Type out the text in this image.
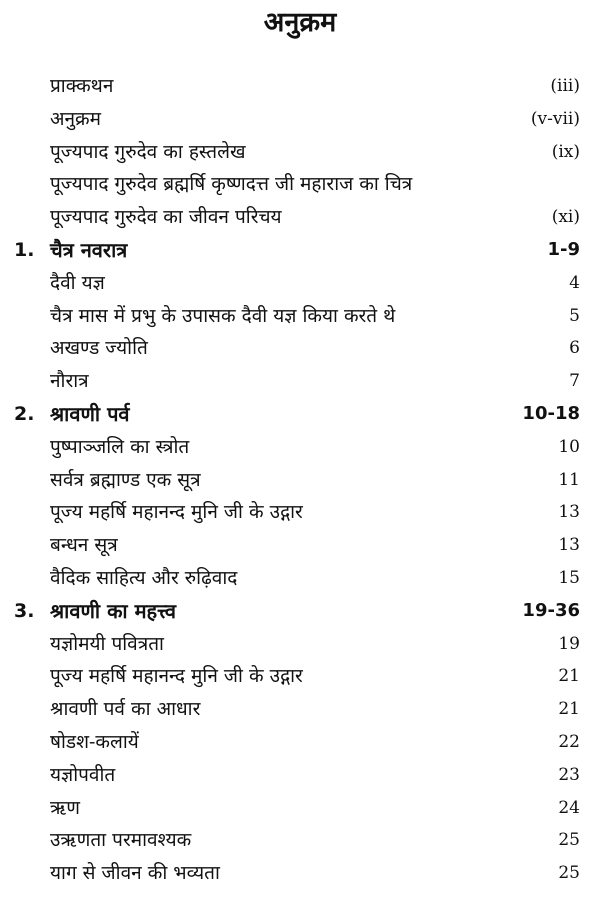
अनुक्रम
प्राक्कथन	(iii)
अनुक्रम	(v-vii)
पूज्यपाद गुरुदेव का हस्तलेख	(ix)
पूज्यपाद गुरुदेव ब्रह्मर्षि कृष्णदत्त जी महाराज का चित्र
पूज्यपाद गुरुदेव का जीवन परिचय	(xi)
1. चैत्र नवरात्र	1-9
दैवी यज्ञ	4
चैत्र मास में प्रभु के उपासक दैवी यज्ञ किया करते थे	5
अखण्ड ज्योति	6
नौरात्र	7
2. श्रावणी पर्व	10-18
पुष्पाञ्जलि का स्त्रोत	10
सर्वत्र ब्रह्माण्ड एक सूत्र	11
पूज्य महर्षि महानन्द मुनि जी के उद्गार	13
बन्धन सूत्र	13
वैदिक साहित्य और रुढ़िवाद	15
3. श्रावणी का महत्त्व	19-36
यज्ञोमयी पवित्रता	19
पूज्य महर्षि महानन्द मुनि जी के उद्गार	21
श्रावणी पर्व का आधार	21
षोडश-कलायें	22
यज्ञोपवीत	23
ऋण	24
उऋणता परमावश्यक	25
याग से जीवन की भव्यता	25
